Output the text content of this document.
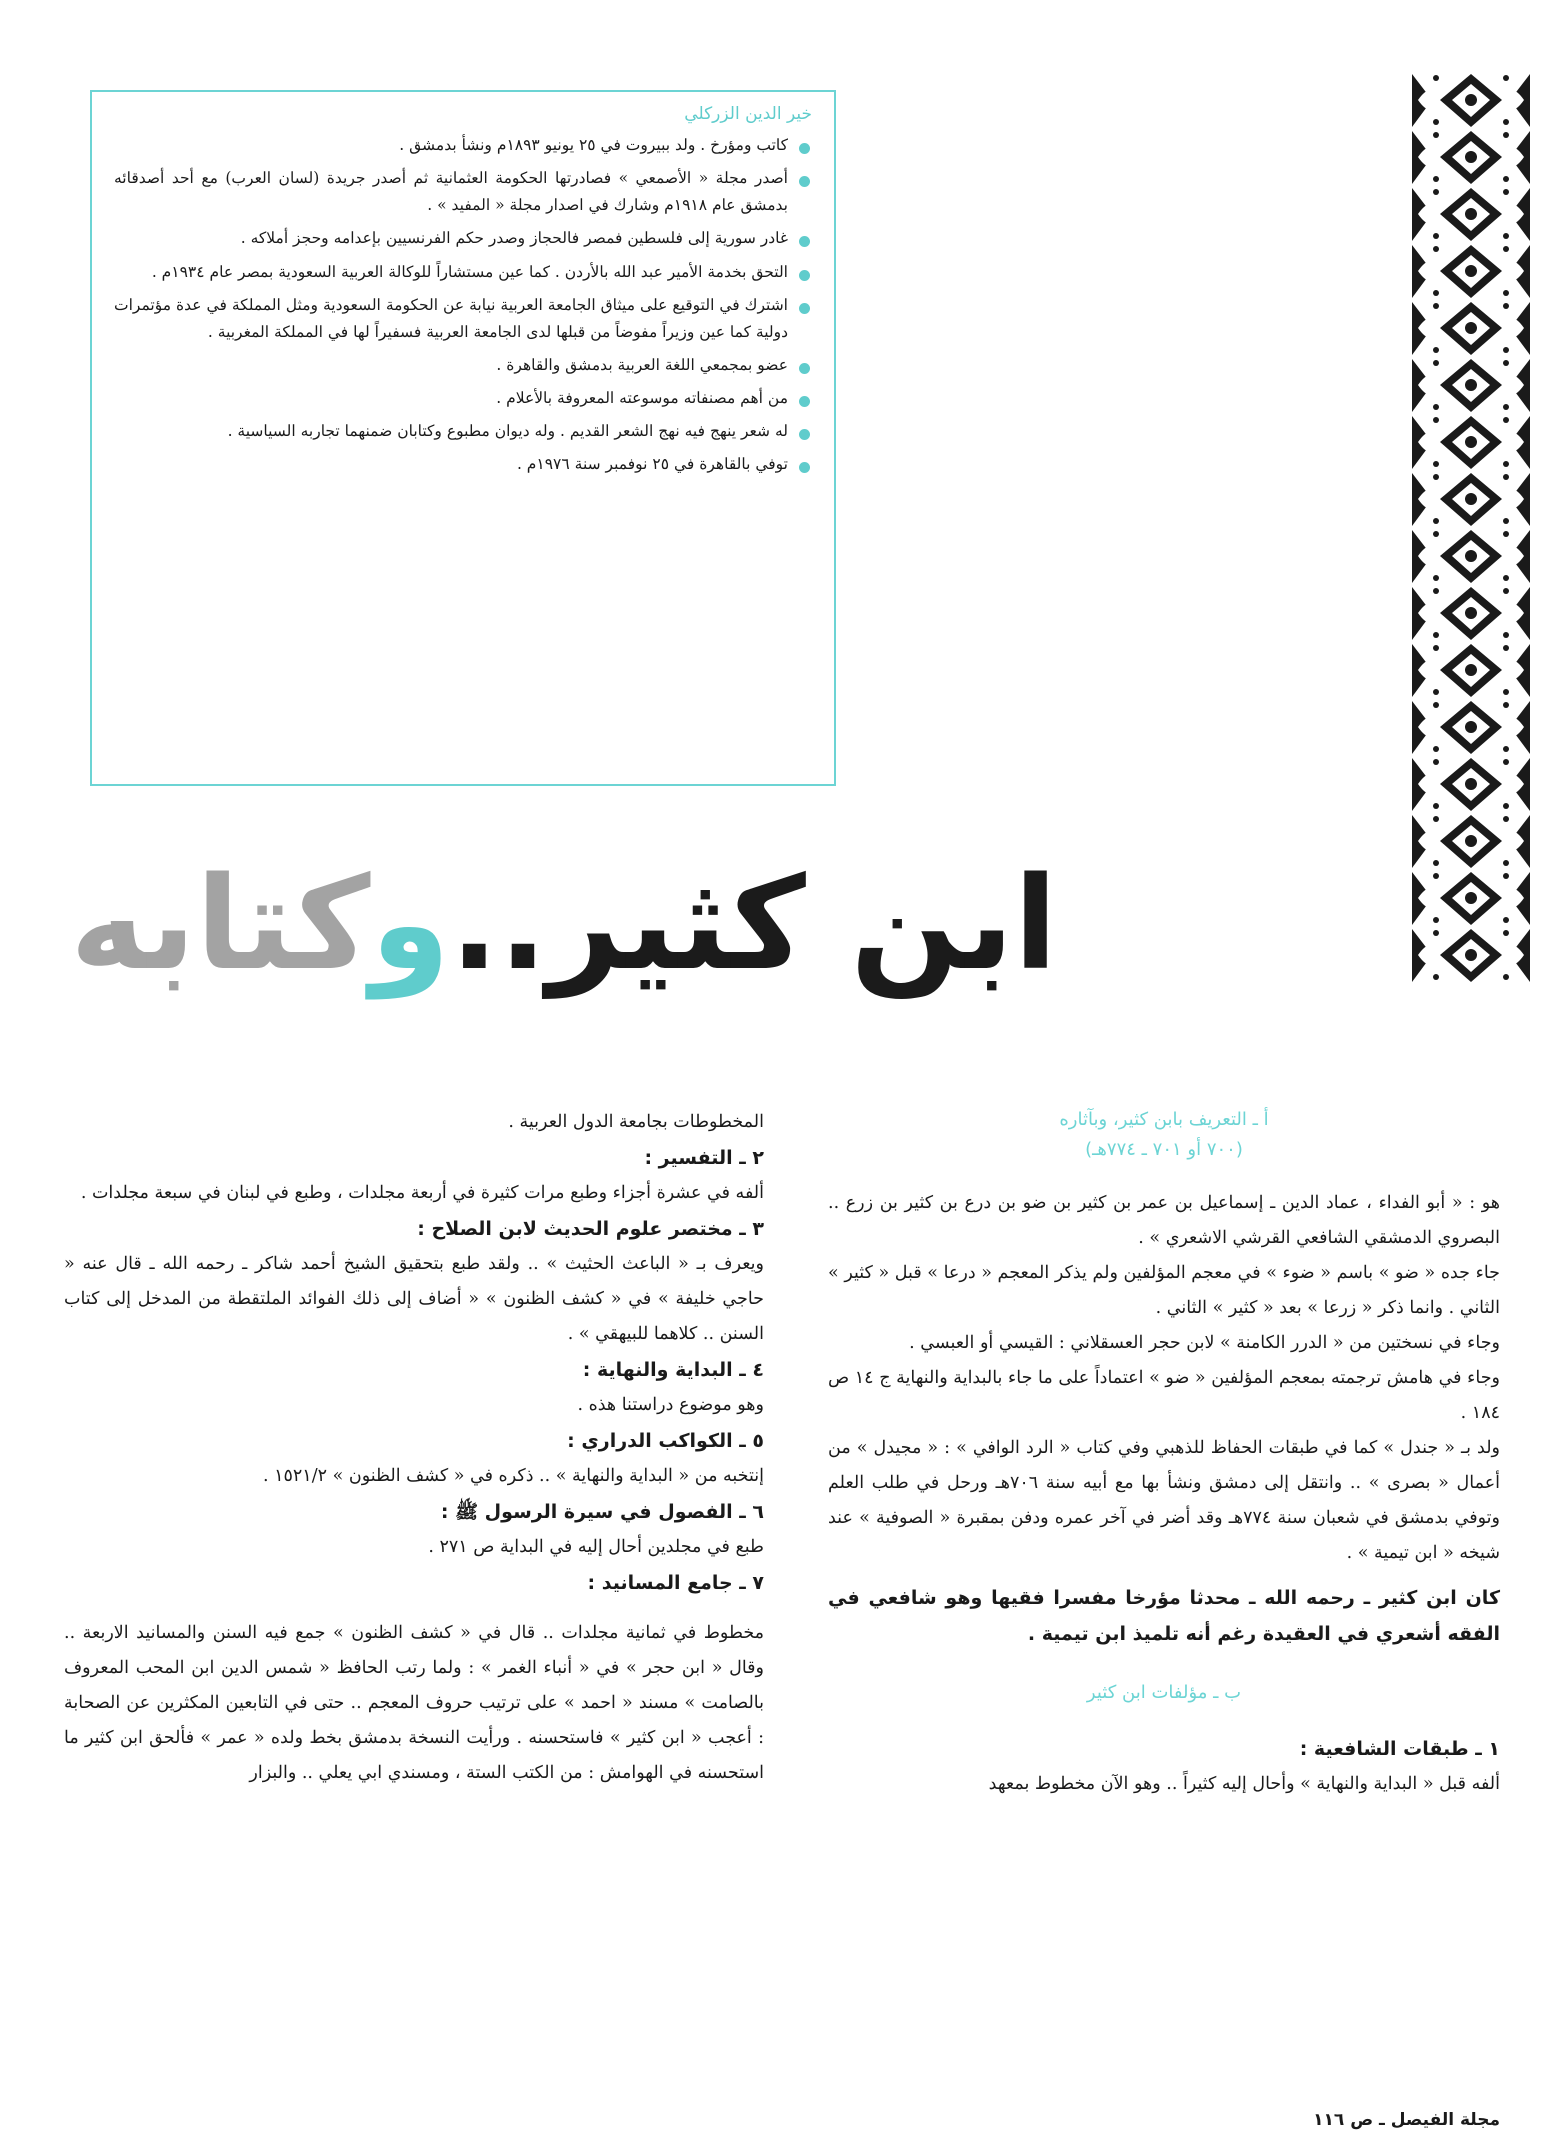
خير الدين الزركلي
كاتب ومؤرخ . ولد ببيروت في ٢٥ يونيو ١٨٩٣م ونشأ بدمشق .
أصدر مجلة « الأصمعي » فصادرتها الحكومة العثمانية ثم أصدر جريدة (لسان العرب) مع أحد أصدقائه بدمشق عام ١٩١٨م وشارك في اصدار مجلة « المفيد » .
غادر سورية إلى فلسطين فمصر فالحجاز وصدر حكم الفرنسيين بإعدامه وحجز أملاكه .
التحق بخدمة الأمير عبد الله بالأردن . كما عين مستشاراً للوكالة العربية السعودية بمصر عام ١٩٣٤م .
اشترك في التوقيع على ميثاق الجامعة العربية نيابة عن الحكومة السعودية ومثل المملكة في عدة مؤتمرات دولية كما عين وزيراً مفوضاً من قبلها لدى الجامعة العربية فسفيراً لها في المملكة المغربية .
عضو بمجمعي اللغة العربية بدمشق والقاهرة .
من أهم مصنفاته موسوعته المعروفة بالأعلام .
له شعر ينهج فيه نهج الشعر القديم . وله ديوان مطبوع وكتابان ضمنهما تجاربه السياسية .
توفي بالقاهرة في ٢٥ نوفمبر سنة ١٩٧٦م .
ابن كثير..وكتابه
أ ـ التعريف بابن كثير، وبآثاره
(٧٠٠ أو ٧٠١ ـ ٧٧٤هـ)

هو : « أبو الفداء ، عماد الدين ـ إسماعيل بن عمر بن كثير بن ضو بن درع بن كثير بن زرع .. البصروي الدمشقي الشافعي القرشي الاشعري » .

جاء جده « ضو » باسم « ضوء » في معجم المؤلفين ولم يذكر المعجم « درعا » قبل « كثير » الثاني . وانما ذكر « زرعا » بعد « كثير » الثاني .

وجاء في نسختين من « الدرر الكامنة » لابن حجر العسقلاني : القيسي أو العبسي .

وجاء في هامش ترجمته بمعجم المؤلفين « ضو » اعتماداً على ما جاء بالبداية والنهاية ج ١٤ ص ١٨٤ .

ولد بـ « جندل » كما في طبقات الحفاظ للذهبي وفي كتاب « الرد الوافي » : « مجيدل » من أعمال « بصرى » .. وانتقل إلى دمشق ونشأ بها مع أبيه سنة ٧٠٦هـ ورحل في طلب العلم وتوفي بدمشق في شعبان سنة ٧٧٤هـ وقد أضر في آخر عمره ودفن بمقبرة « الصوفية » عند شيخه « ابن تيمية » .

كان ابن كثير ـ رحمه الله ـ محدثا مؤرخا مفسرا فقيها وهو شافعي في الفقه أشعري في العقيدة رغم أنه تلميذ ابن تيمية .

ب ـ مؤلفات ابن كثير
١ ـ طبقات الشافعية :

ألفه قبل « البداية والنهاية » وأحال إليه كثيراً .. وهو الآن مخطوط بمعهد

المخطوطات بجامعة الدول العربية .

٢ ـ التفسير :

ألفه في عشرة أجزاء وطبع مرات كثيرة في أربعة مجلدات ، وطبع في لبنان في سبعة مجلدات .

٣ ـ مختصر علوم الحديث لابن الصلاح :

ويعرف بـ « الباعث الحثيث » .. ولقد طبع بتحقيق الشيخ أحمد شاكر ـ رحمه الله ـ قال عنه « حاجي خليفة » في « كشف الظنون » « أضاف إلى ذلك الفوائد الملتقطة من المدخل إلى كتاب السنن .. كلاهما للبيهقي » .

٤ ـ البداية والنهاية :

وهو موضوع دراستنا هذه .

٥ ـ الكواكب الدراري :

إنتخبه من « البداية والنهاية » .. ذكره في « كشف الظنون » ١٥٢١/٢ .

٦ ـ الفصول في سيرة الرسول ﷺ :

طبع في مجلدين أحال إليه في البداية ص ٢٧١ .

٧ ـ جامع المسانيد :

مخطوط في ثمانية مجلدات .. قال في « كشف الظنون » جمع فيه السنن والمسانيد الاربعة .. وقال « ابن حجر » في « أنباء الغمر » : ولما رتب الحافظ « شمس الدين ابن المحب المعروف بالصامت » مسند « احمد » على ترتيب حروف المعجم .. حتى في التابعين المكثرين عن الصحابة : أعجب « ابن كثير » فاستحسنه . ورأيت النسخة بدمشق بخط ولده « عمر » فألحق ابن كثير ما استحسنه في الهوامش : من الكتب الستة ، ومسندي ابي يعلي .. والبزار

مجلة الفيصل ـ ص ١١٦
